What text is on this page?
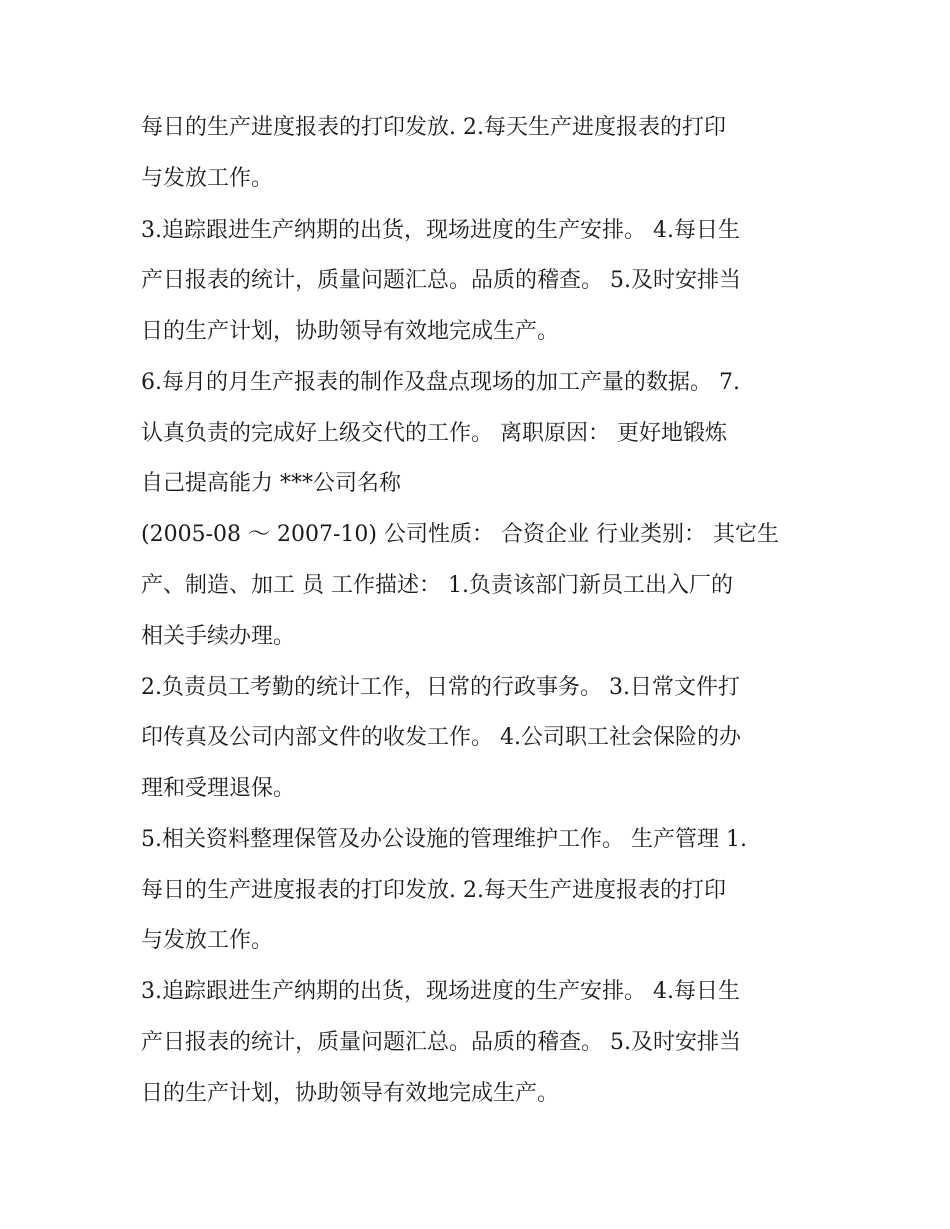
每日的生产进度报表的打印发放. 2.每天生产进度报表的打印
与发放工作。
3.追踪跟进生产纳期的出货，现场进度的生产安排。 4.每日生
产日报表的统计，质量问题汇总。品质的稽查。 5.及时安排当
日的生产计划，协助领导有效地完成生产。
6.每月的月生产报表的制作及盘点现场的加工产量的数据。 7.
认真负责的完成好上级交代的工作。 离职原因： 更好地锻炼
自己提高能力 ***公司名称
(2005-08 ～ 2007-10) 公司性质： 合资企业 行业类别： 其它生
产、制造、加工 员 工作描述： 1.负责该部门新员工出入厂的
相关手续办理。
2.负责员工考勤的统计工作，日常的行政事务。 3.日常文件打
印传真及公司内部文件的收发工作。 4.公司职工社会保险的办
理和受理退保。
5.相关资料整理保管及办公设施的管理维护工作。 生产管理 1.
每日的生产进度报表的打印发放. 2.每天生产进度报表的打印
与发放工作。
3.追踪跟进生产纳期的出货，现场进度的生产安排。 4.每日生
产日报表的统计，质量问题汇总。品质的稽查。 5.及时安排当
日的生产计划，协助领导有效地完成生产。
